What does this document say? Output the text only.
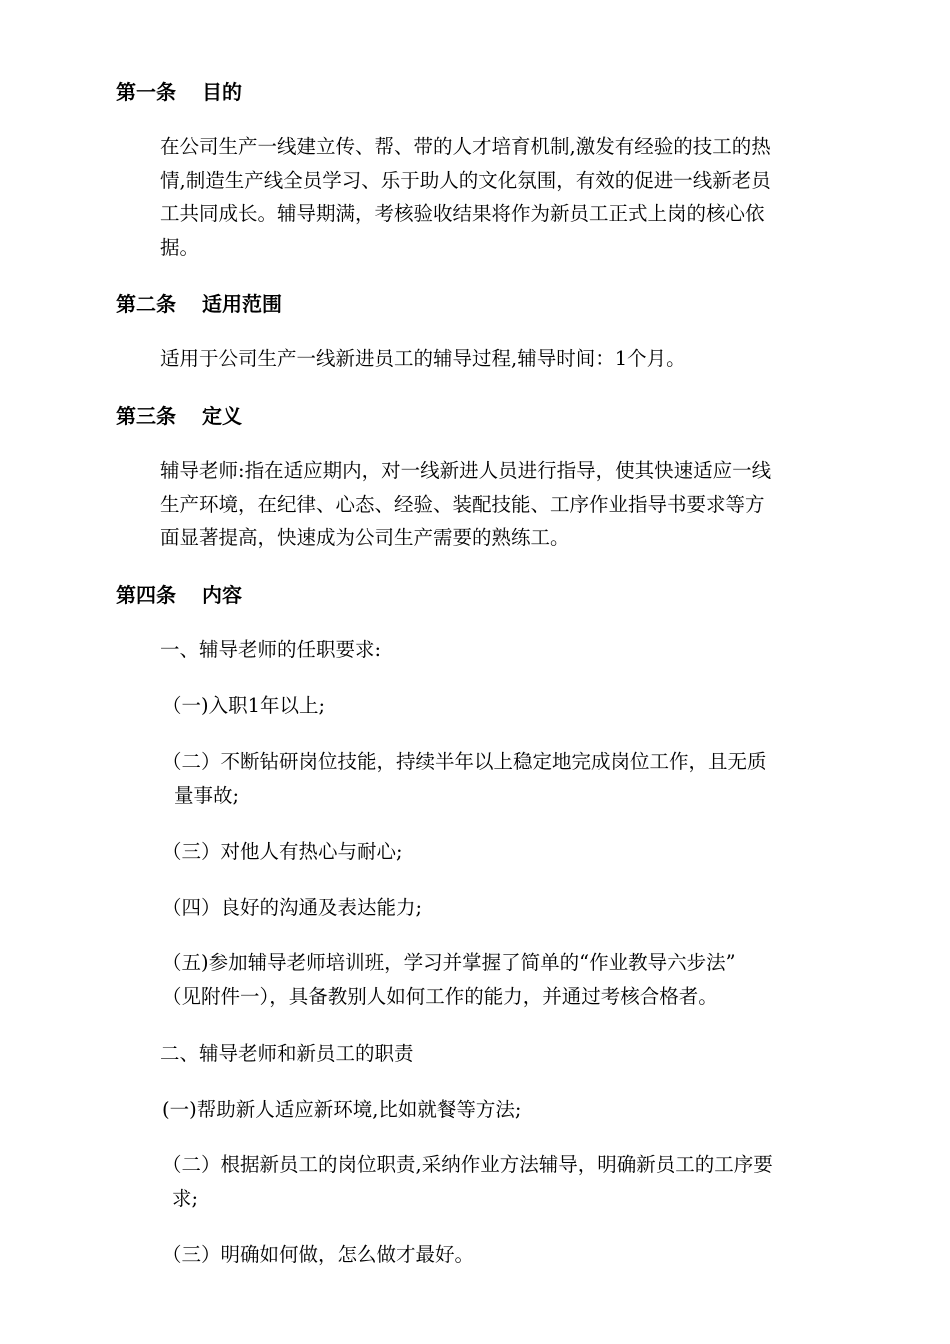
第一条 目的
在公司生产一线建立传、帮、带的人才培育机制,激发有经验的技工的热
情,制造生产线全员学习、乐于助人的文化氛围，有效的促进一线新老员
工共同成长。辅导期满，考核验收结果将作为新员工正式上岗的核心依
据。
第二条 适用范围
适用于公司生产一线新进员工的辅导过程,辅导时间：1个月。
第三条 定义
辅导老师:指在适应期内，对一线新进人员进行指导，使其快速适应一线
生产环境，在纪律、心态、经验、装配技能、工序作业指导书要求等方
面显著提高，快速成为公司生产需要的熟练工。
第四条 内容
一、辅导老师的任职要求:
（一)入职1年以上;
（二）不断钻研岗位技能，持续半年以上稳定地完成岗位工作，且无质
量事故;
（三）对他人有热心与耐心;
（四）良好的沟通及表达能力;
（五)参加辅导老师培训班，学习并掌握了简单的“作业教导六步法”
（见附件一），具备教别人如何工作的能力，并通过考核合格者。
二、辅导老师和新员工的职责
(一)帮助新人适应新环境,比如就餐等方法;
（二）根据新员工的岗位职责,采纳作业方法辅导，明确新员工的工序要
求;
（三）明确如何做，怎么做才最好。
